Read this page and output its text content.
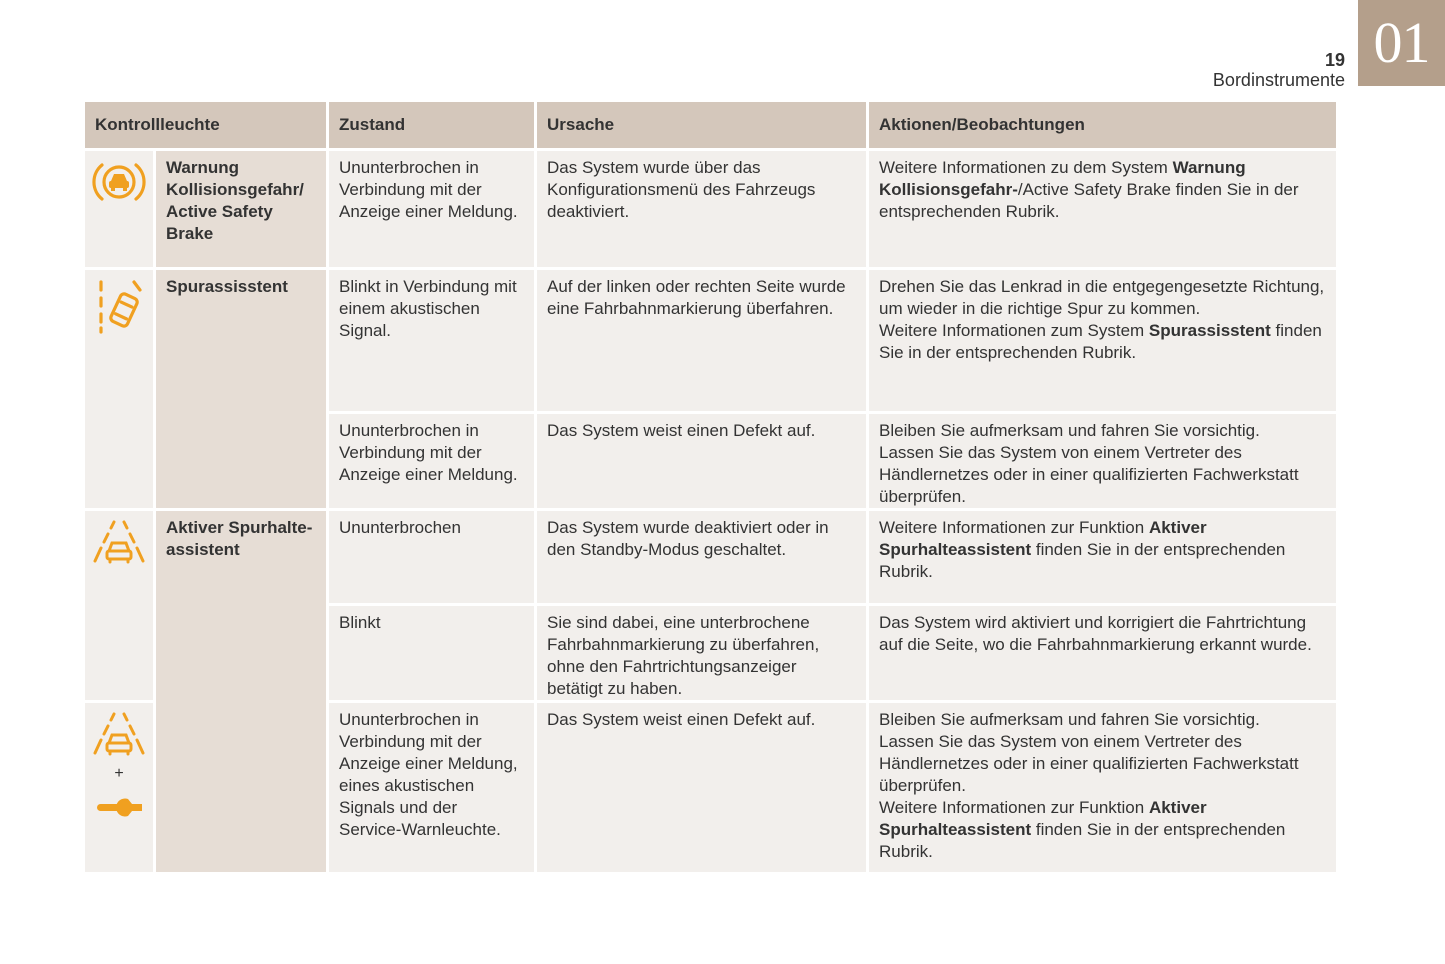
01
19
Bordinstrumente
Kontrollleuchte		Zustand	Ursache	Aktionen/Beobachtungen

	Warnung Kollisionsgefahr/ Active Safety Brake	Ununterbrochen in Verbindung mit der Anzeige einer Meldung.	Das System wurde über das Konfigurationsmenü des Fahrzeugs deaktiviert.	Weitere Informationen zu dem System Warnung Kollisionsgefahr-/Active Safety Brake finden Sie in der entsprechenden Rubrik.

	Spurassisstent	Blinkt in Verbindung mit einem akustischen Signal.	Auf der linken oder rechten Seite wurde eine Fahrbahnmarkierung überfahren.	Drehen Sie das Lenkrad in die entgegengesetzte Richtung, um wieder in die richtige Spur zu kommen.
Weitere Informationen zum System Spurassisstent finden Sie in der entsprechenden Rubrik.
		Ununterbrochen in Verbindung mit der Anzeige einer Meldung.	Das System weist einen Defekt auf.	Bleiben Sie aufmerksam und fahren Sie vorsichtig.
Lassen Sie das System von einem Vertreter des Händlernetzes oder in einer qualifizierten Fachwerkstatt überprüfen.

	Aktiver Spurhalte-assistent	Ununterbrochen	Das System wurde deaktiviert oder in den Standby-Modus geschaltet.	Weitere Informationen zur Funktion Aktiver Spurhalteassistent finden Sie in der entsprechenden Rubrik.
		Blinkt	Sie sind dabei, eine unterbrochene Fahrbahnmarkierung zu überfahren, ohne den Fahrtrichtungsanzeiger betätigt zu haben.	Das System wird aktiviert und korrigiert die Fahrtrichtung auf die Seite, wo die Fahrbahnmarkierung erkannt wurde.

+		Ununterbrochen in Verbindung mit der Anzeige einer Meldung, eines akustischen Signals und der Service-Warnleuchte.	Das System weist einen Defekt auf.	Bleiben Sie aufmerksam und fahren Sie vorsichtig.
Lassen Sie das System von einem Vertreter des Händlernetzes oder in einer qualifizierten Fachwerkstatt überprüfen.
Weitere Informationen zur Funktion Aktiver Spurhalteassistent finden Sie in der entsprechenden Rubrik.
